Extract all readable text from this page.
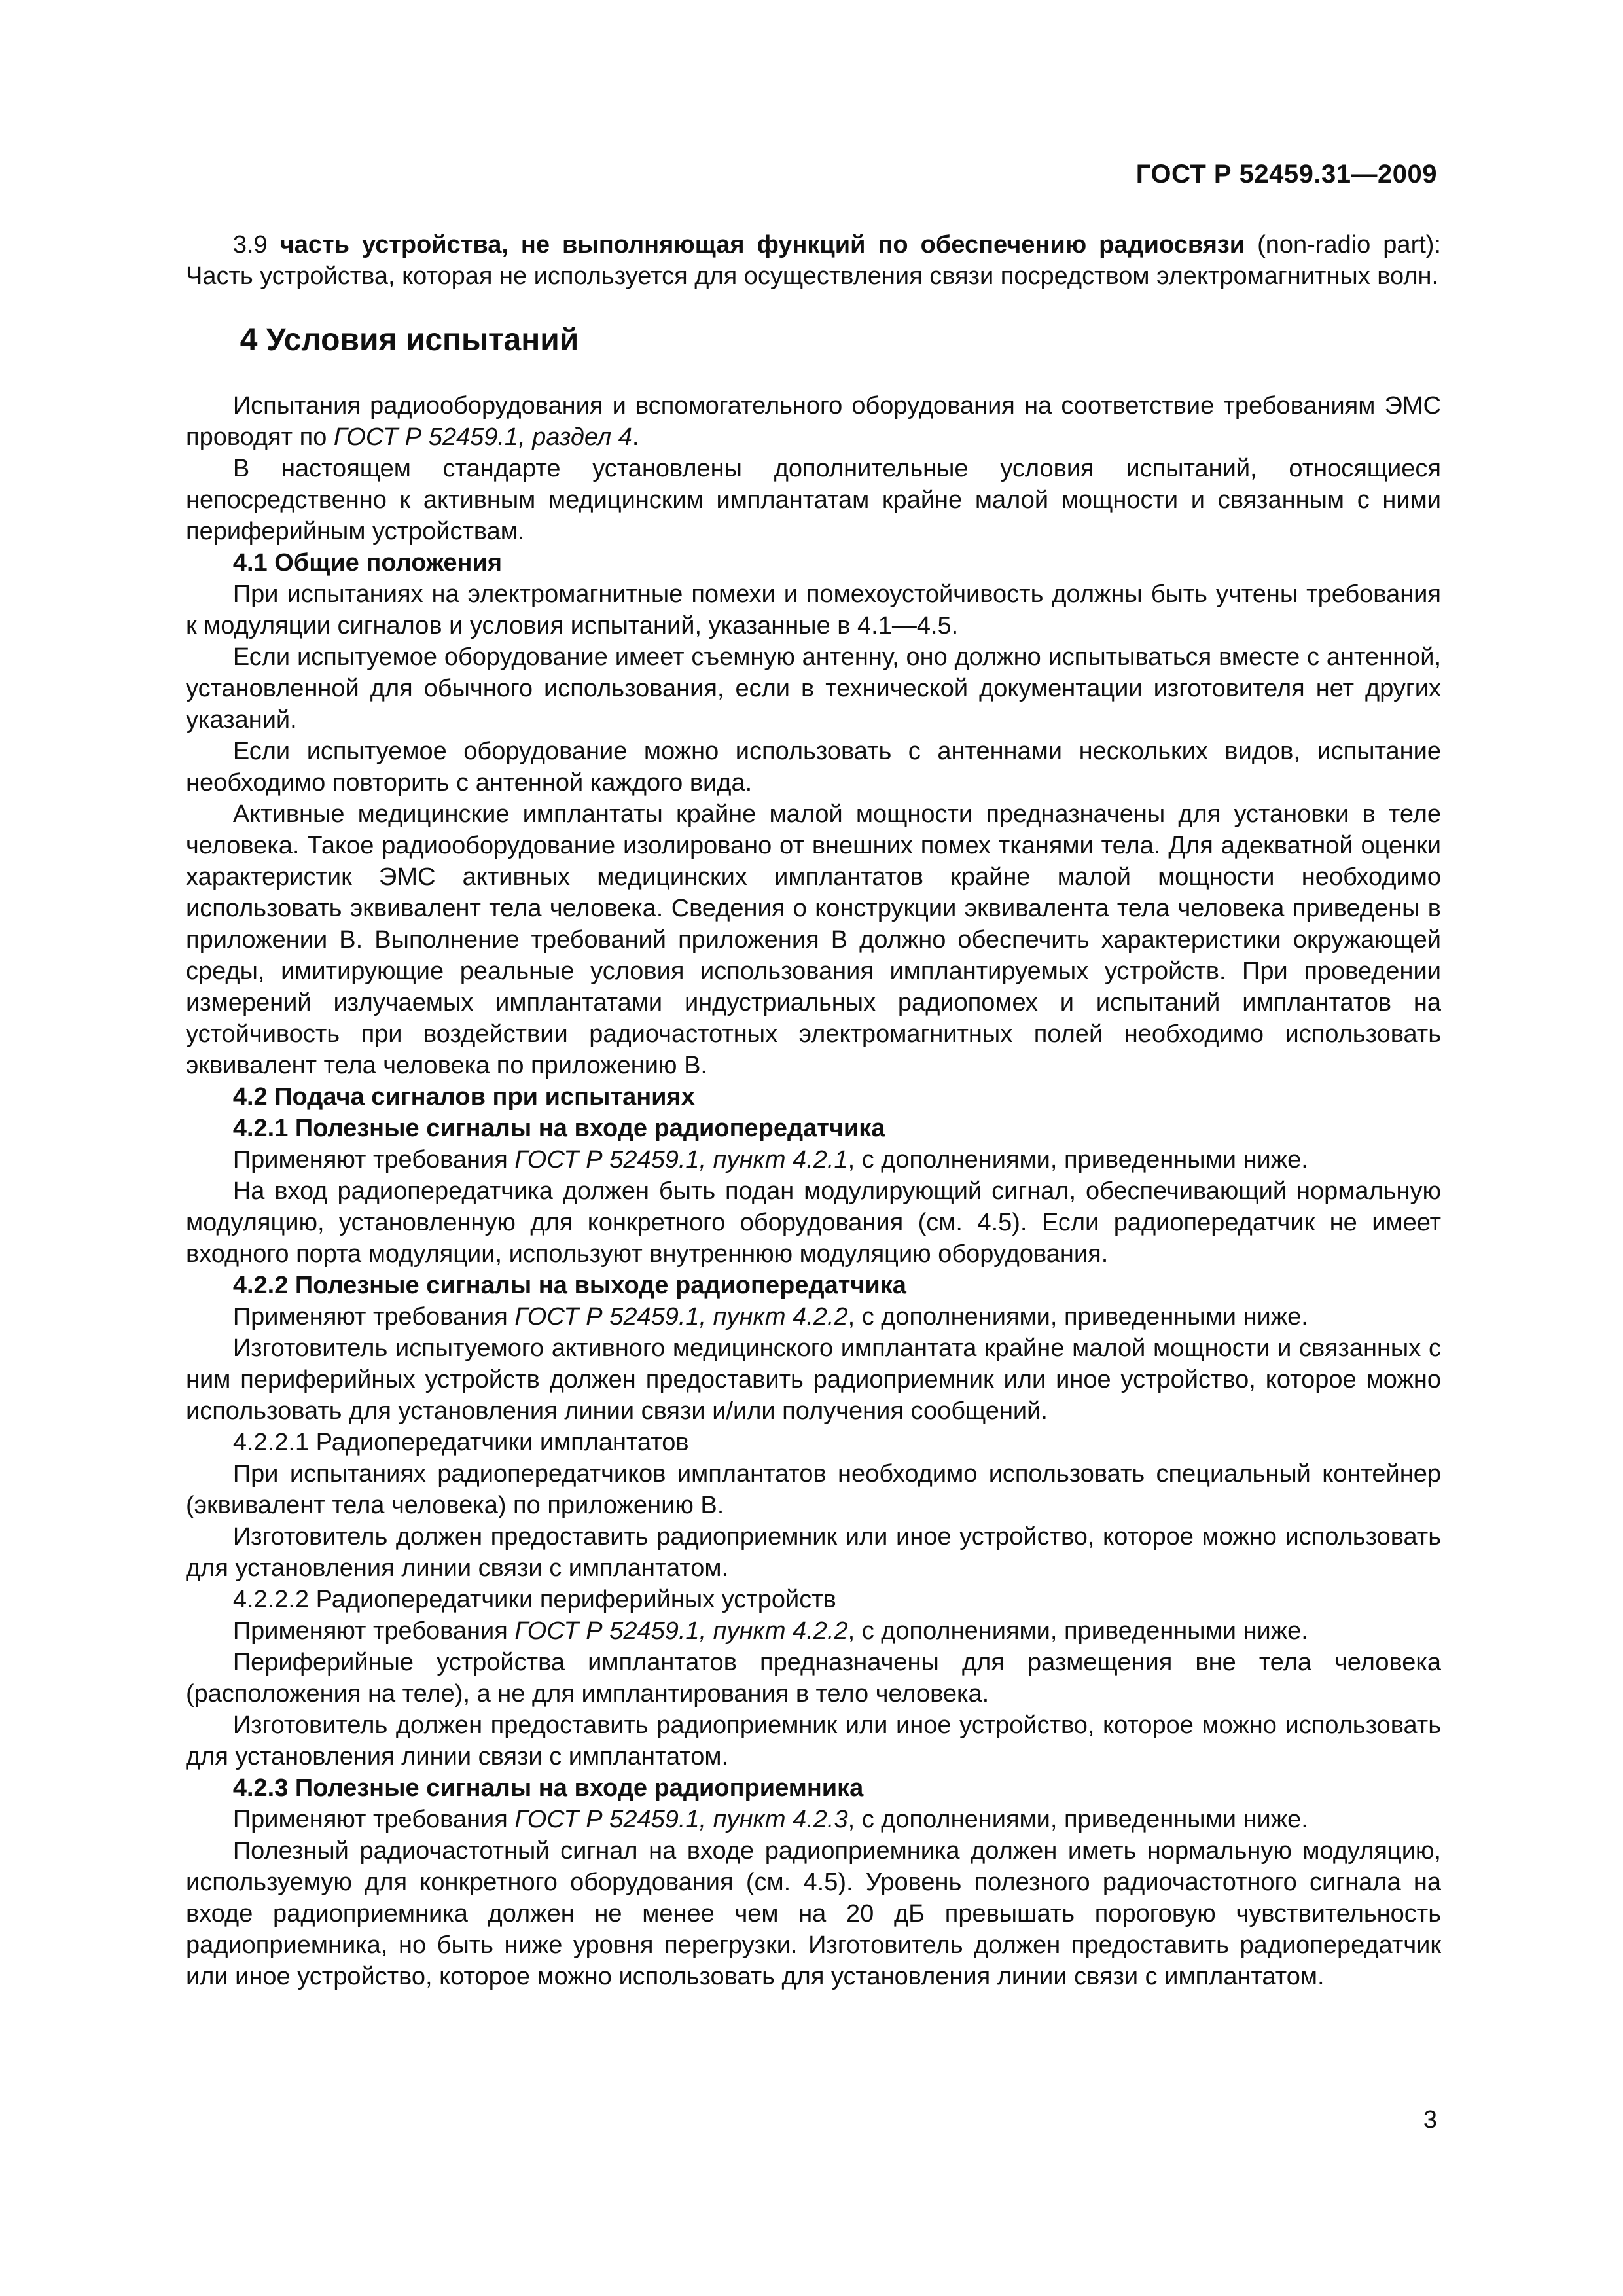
ГОСТ Р 52459.31—2009

3.9 часть устройства, не выполняющая функций по обеспечению радиосвязи (non-radio part): Часть устройства, которая не используется для осуществления связи посредством электромагнитных волн.

4 Условия испытаний

Испытания радиооборудования и вспомогательного оборудования на соответствие требованиям ЭМС проводят по ГОСТ Р 52459.1, раздел 4.

В настоящем стандарте установлены дополнительные условия испытаний, относящиеся непосредственно к активным медицинским имплантатам крайне малой мощности и связанным с ними периферийным устройствам.

4.1 Общие положения

При испытаниях на электромагнитные помехи и помехоустойчивость должны быть учтены требования к модуляции сигналов и условия испытаний, указанные в 4.1—4.5.

Если испытуемое оборудование имеет съемную антенну, оно должно испытываться вместе с антенной, установленной для обычного использования, если в технической документации изготовителя нет других указаний.

Если испытуемое оборудование можно использовать с антеннами нескольких видов, испытание необходимо повторить с антенной каждого вида.

Активные медицинские имплантаты крайне малой мощности предназначены для установки в теле человека. Такое радиооборудование изолировано от внешних помех тканями тела. Для адекватной оценки характеристик ЭМС активных медицинских имплантатов крайне малой мощности необходимо использовать эквивалент тела человека. Сведения о конструкции эквивалента тела человека приведены в приложении В. Выполнение требований приложения В должно обеспечить характеристики окружающей среды, имитирующие реальные условия использования имплантируемых устройств. При проведении измерений излучаемых имплантатами индустриальных радиопомех и испытаний имплантатов на устойчивость при воздействии радиочастотных электромагнитных полей необходимо использовать эквивалент тела человека по приложению В.

4.2 Подача сигналов при испытаниях

4.2.1 Полезные сигналы на входе радиопередатчика

Применяют требования ГОСТ Р 52459.1, пункт 4.2.1, с дополнениями, приведенными ниже.

На вход радиопередатчика должен быть подан модулирующий сигнал, обеспечивающий нормальную модуляцию, установленную для конкретного оборудования (см. 4.5). Если радиопередатчик не имеет входного порта модуляции, используют внутреннюю модуляцию оборудования.

4.2.2 Полезные сигналы на выходе радиопередатчика

Применяют требования ГОСТ Р 52459.1, пункт 4.2.2, с дополнениями, приведенными ниже.

Изготовитель испытуемого активного медицинского имплантата крайне малой мощности и связанных с ним периферийных устройств должен предоставить радиоприемник или иное устройство, которое можно использовать для установления линии связи и/или получения сообщений.

4.2.2.1 Радиопередатчики имплантатов

При испытаниях радиопередатчиков имплантатов необходимо использовать специальный контейнер (эквивалент тела человека) по приложению В.

Изготовитель должен предоставить радиоприемник или иное устройство, которое можно использовать для установления линии связи с имплантатом.

4.2.2.2 Радиопередатчики периферийных устройств

Применяют требования ГОСТ Р 52459.1, пункт 4.2.2, с дополнениями, приведенными ниже.

Периферийные устройства имплантатов предназначены для размещения вне тела человека (расположения на теле), а не для имплантирования в тело человека.

Изготовитель должен предоставить радиоприемник или иное устройство, которое можно использовать для установления линии связи с имплантатом.

4.2.3 Полезные сигналы на входе радиоприемника

Применяют требования ГОСТ Р 52459.1, пункт 4.2.3, с дополнениями, приведенными ниже.

Полезный радиочастотный сигнал на входе радиоприемника должен иметь нормальную модуляцию, используемую для конкретного оборудования (см. 4.5). Уровень полезного радиочастотного сигнала на входе радиоприемника должен не менее чем на 20 дБ превышать пороговую чувствительность радиоприемника, но быть ниже уровня перегрузки. Изготовитель должен предоставить радиопередатчик или иное устройство, которое можно использовать для установления линии связи с имплантатом.

3
